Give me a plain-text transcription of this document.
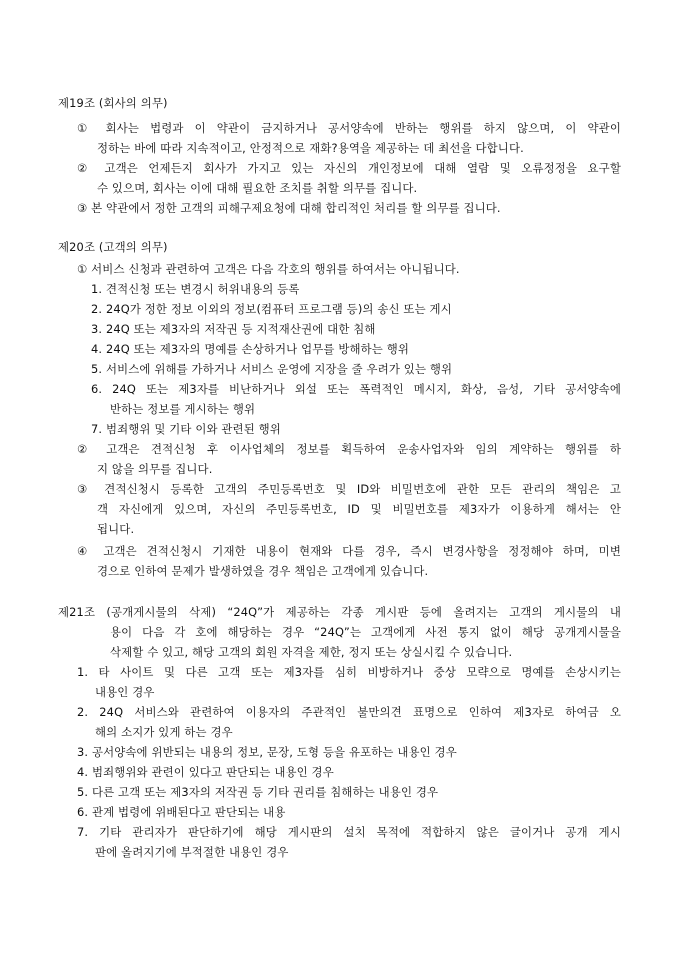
제19조 (회사의 의무)
① 회사는 법령과 이 약관이 금지하거나 공서양속에 반하는 행위를 하지 않으며, 이 약관이
정하는 바에 따라 지속적이고, 안정적으로 재화?용역을 제공하는 데 최선을 다합니다.
② 고객은 언제든지 회사가 가지고 있는 자신의 개인정보에 대해 열람 및 오류정정을 요구할
수 있으며, 회사는 이에 대해 필요한 조치를 취할 의무를 집니다.
③ 본 약관에서 정한 고객의 피해구제요청에 대해 합리적인 처리를 할 의무를 집니다.
제20조 (고객의 의무)
① 서비스 신청과 관련하여 고객은 다음 각호의 행위를 하여서는 아니됩니다.
1. 견적신청 또는 변경시 허위내용의 등록
2. 24Q가 정한 정보 이외의 정보(컴퓨터 프로그램 등)의 송신 또는 게시
3. 24Q 또는 제3자의 저작권 등 지적재산권에 대한 침해
4. 24Q 또는 제3자의 명예를 손상하거나 업무를 방해하는 행위
5. 서비스에 위해를 가하거나 서비스 운영에 지장을 줄 우려가 있는 행위
6. 24Q 또는 제3자를 비난하거나 외설 또는 폭력적인 메시지, 화상, 음성, 기타 공서양속에
반하는 정보를 게시하는 행위
7. 범죄행위 및 기타 이와 관련된 행위
② 고객은 견적신청 후 이사업체의 정보를 획득하여 운송사업자와 임의 계약하는 행위를 하
지 않을 의무를 집니다.
③ 견적신청시 등록한 고객의 주민등록번호 및 ID와 비밀번호에 관한 모든 관리의 책임은 고
객 자신에게 있으며, 자신의 주민등록번호, ID 및 비밀번호를 제3자가 이용하게 해서는 안
됩니다.
④ 고객은 견적신청시 기재한 내용이 현재와 다를 경우, 즉시 변경사항을 정정해야 하며, 미변
경으로 인하여 문제가 발생하였을 경우 책임은 고객에게 있습니다.
제21조 (공개게시물의 삭제) “24Q”가 제공하는 각종 게시판 등에 올려지는 고객의 게시물의 내
용이 다음 각 호에 해당하는 경우 “24Q”는 고객에게 사전 통지 없이 해당 공개게시물을
삭제할 수 있고, 해당 고객의 회원 자격을 제한, 정지 또는 상실시킬 수 있습니다.
1. 타 사이트 및 다른 고객 또는 제3자를 심히 비방하거나 중상 모략으로 명예를 손상시키는
내용인 경우
2. 24Q 서비스와 관련하여 이용자의 주관적인 불만의견 표명으로 인하여 제3자로 하여금 오
해의 소지가 있게 하는 경우
3. 공서양속에 위반되는 내용의 정보, 문장, 도형 등을 유포하는 내용인 경우
4. 범죄행위와 관련이 있다고 판단되는 내용인 경우
5. 다른 고객 또는 제3자의 저작권 등 기타 권리를 침해하는 내용인 경우
6. 관계 법령에 위배된다고 판단되는 내용
7. 기타 관리자가 판단하기에 해당 게시판의 설치 목적에 적합하지 않은 글이거나 공개 게시
판에 올려지기에 부적절한 내용인 경우
